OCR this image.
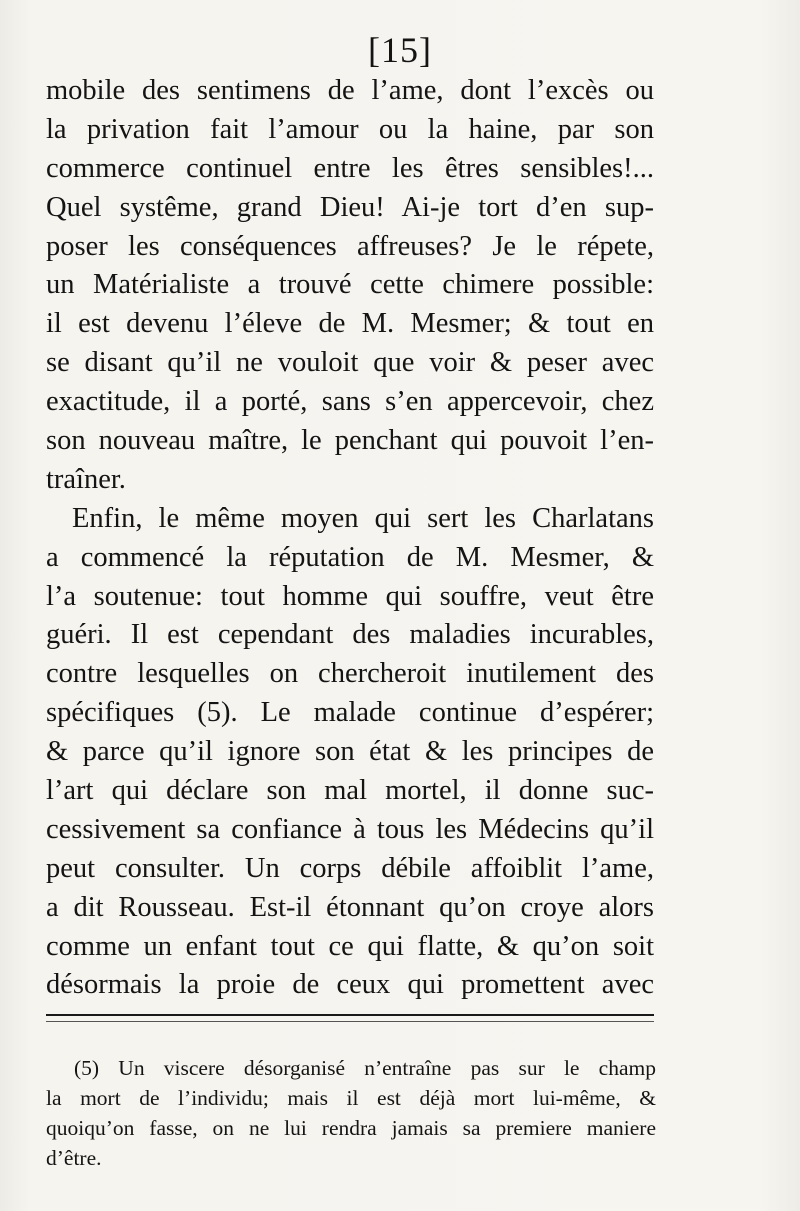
[15]
mobile des sentimens de l’ame, dont l’excès ou
la privation fait l’amour ou la haine, par son
commerce continuel entre les êtres sensibles!...
Quel systême, grand Dieu! Ai-je tort d’en sup-
poser les conséquences affreuses? Je le répete,
un Matérialiste a trouvé cette chimere possible:
il est devenu l’éleve de M. Mesmer; & tout en
se disant qu’il ne vouloit que voir & peser avec
exactitude, il a porté, sans s’en appercevoir, chez
son nouveau maître, le penchant qui pouvoit l’en-
traîner.
Enfin, le même moyen qui sert les Charlatans
a commencé la réputation de M. Mesmer, &
l’a soutenue: tout homme qui souffre, veut être
guéri. Il est cependant des maladies incurables,
contre lesquelles on chercheroit inutilement des
spécifiques (5). Le malade continue d’espérer;
& parce qu’il ignore son état & les principes de
l’art qui déclare son mal mortel, il donne suc-
cessivement sa confiance à tous les Médecins qu’il
peut consulter. Un corps débile affoiblit l’ame,
a dit Rousseau. Est-il étonnant qu’on croye alors
comme un enfant tout ce qui flatte, & qu’on soit
désormais la proie de ceux qui promettent avec
(5) Un viscere désorganisé n’entraîne pas sur le champ
la mort de l’individu; mais il est déjà mort lui-même, &
quoiqu’on fasse, on ne lui rendra jamais sa premiere maniere
d’être.
